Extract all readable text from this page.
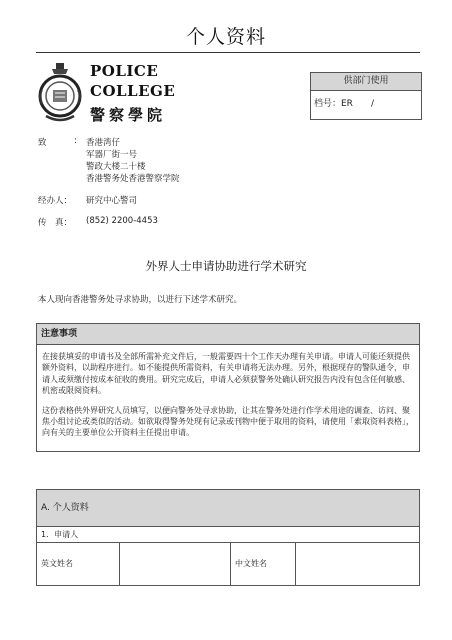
个人资料
POLICE
COLLEGE
警察學院
供部门使用
档号：ER　　/
致	: 香港湾仔
军器厂街一号
警政大楼二十楼
香港警务处香港警察学院
经办人： 研究中心警司
传　真： (852) 2200-4453
外界人士申请协助进行学术研究
本人现向香港警务处寻求协助，以进行下述学术研究。
注意事项

在接获填妥的申请书及全部所需补充文件后，一般需要四十个工作天办理有关申请。申请人可能还须提供额外资料，以助程序进行。如不能提供所需资料，有关申请将无法办理。另外，根据现存的警队通令，申请人或须缴付按成本征收的费用。研究完成后，申请人必须获警务处确认研究报告内没有包含任何敏感、机密或限阅资料。

这份表格供外界研究人员填写，以便向警务处寻求协助，让其在警务处进行作学术用途的调查、访问、聚焦小组讨论或类似的活动。如欲取得警务处现有记录或刊物中便于取用的资料，请使用「索取资料表格」，向有关的主要单位公开资料主任提出申请。

A. 个人资料
1．申请人
英文姓名	中文姓名
